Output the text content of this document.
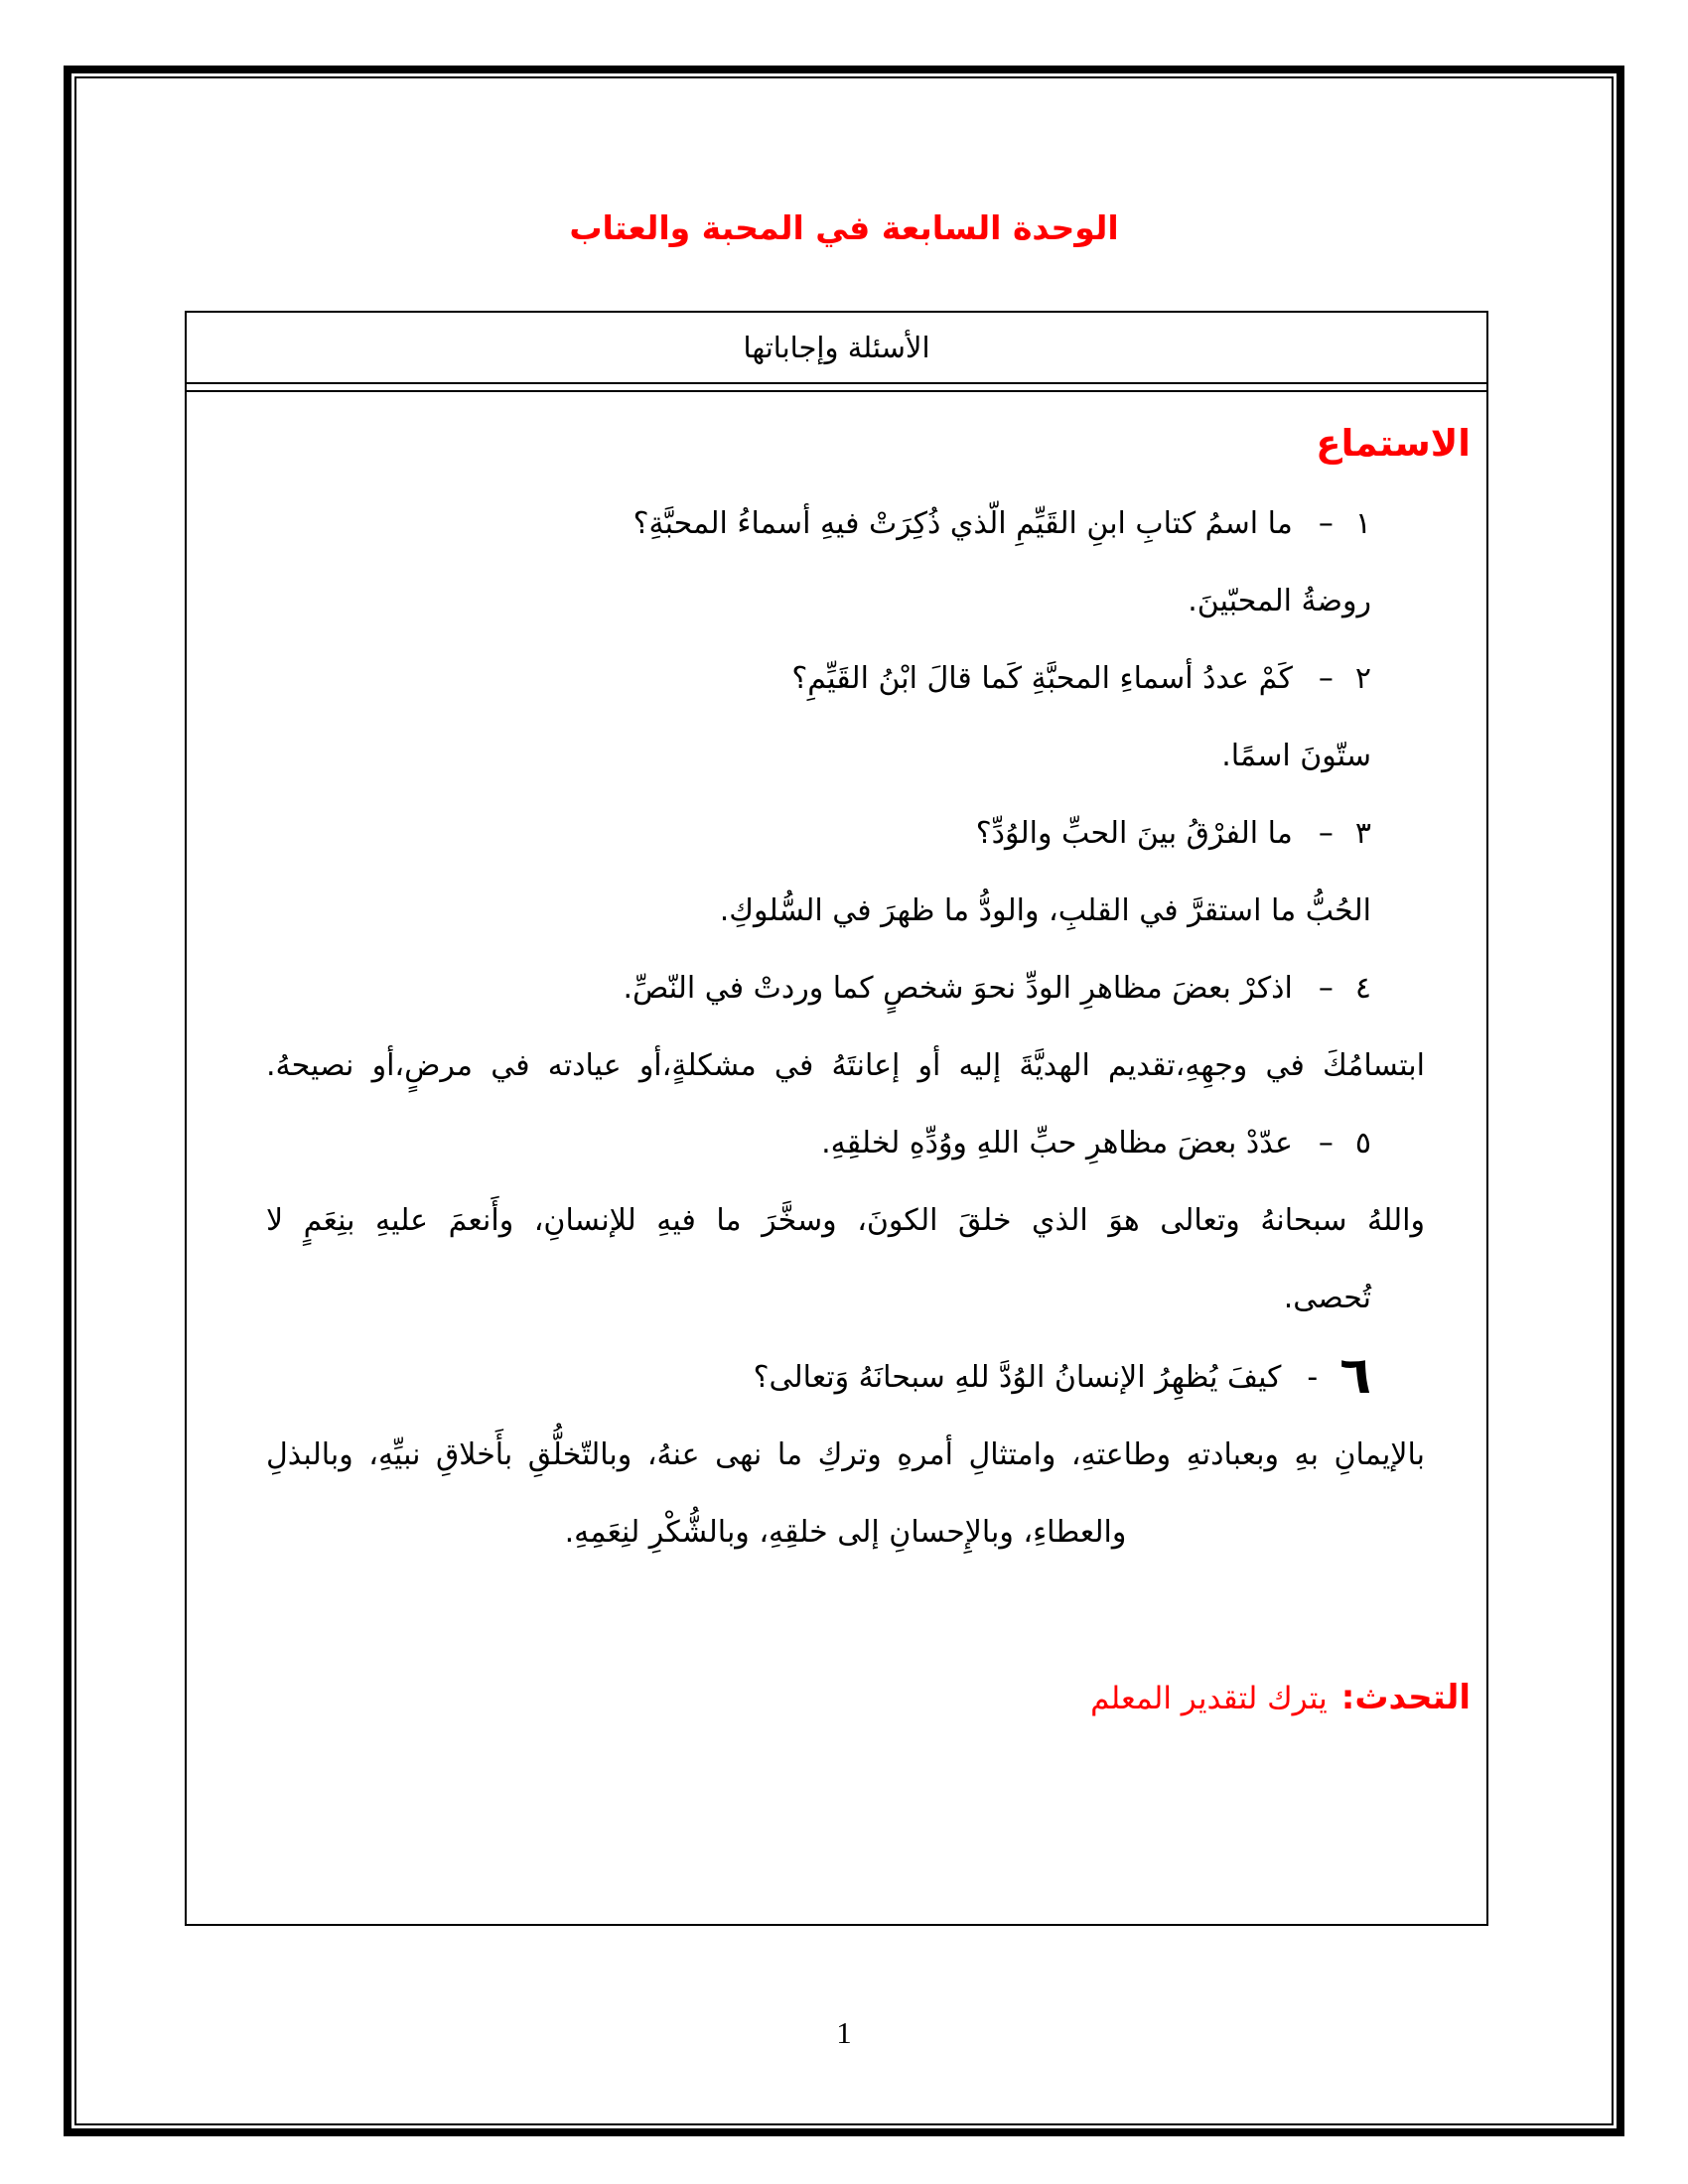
الوحدة السابعة في المحبة والعتاب
الأسئلة وإجاباتها
الاستماع
١–ما اسمُ كتابِ ابنِ القَيِّمِ الّذي ذُكِرَتْ فيهِ أسماءُ المحبَّةِ؟
روضةُ المحبّينَ.
٢–كَمْ عددُ أسماءِ المحبَّةِ كَما قالَ ابْنُ القَيِّمِ؟
ستّونَ اسمًا.
٣–ما الفرْقُ بينَ الحبِّ والوُدِّ؟
الحُبُّ ما استقرَّ في القلبِ، والودُّ ما ظهرَ في السُّلوكِ.
٤–اذكرْ بعضَ مظاهرِ الودِّ نحوَ شخصٍ كما وردتْ في النّصِّ.
ابتسامُكَ في وجهِهِ،تقديم الهديَّةَ إليه أو إعانتَهُ في مشكلةٍ،أو عيادته في مرضٍ،أو نصيحهُ.
٥–عدّدْ بعضَ مظاهرِ حبِّ اللهِ ووُدِّهِ لخلقِهِ.
واللهُ سبحانهُ وتعالى هوَ الذي خلقَ الكونَ، وسخَّرَ ما فيهِ للإنسانِ، وأَنعمَ عليهِ بنِعَمٍ لا
تُحصى.
٦-كيفَ يُظهِرُ الإنسانُ الوُدَّ للهِ سبحانَهُ وَتعالى؟
بالإيمانِ بهِ وبعبادتهِ وطاعتهِ، وامتثالِ أمرهِ وتركِ ما نهى عنهُ، وبالتّخلُّقِ بأَخلاقِ نبيِّهِ، وبالبذلِ
والعطاءِ، وبالإِحسانِ إلى خلقِهِ، وبالشُّكْرِ لنِعَمِهِ.
التحدث:يترك لتقدير المعلم
1
